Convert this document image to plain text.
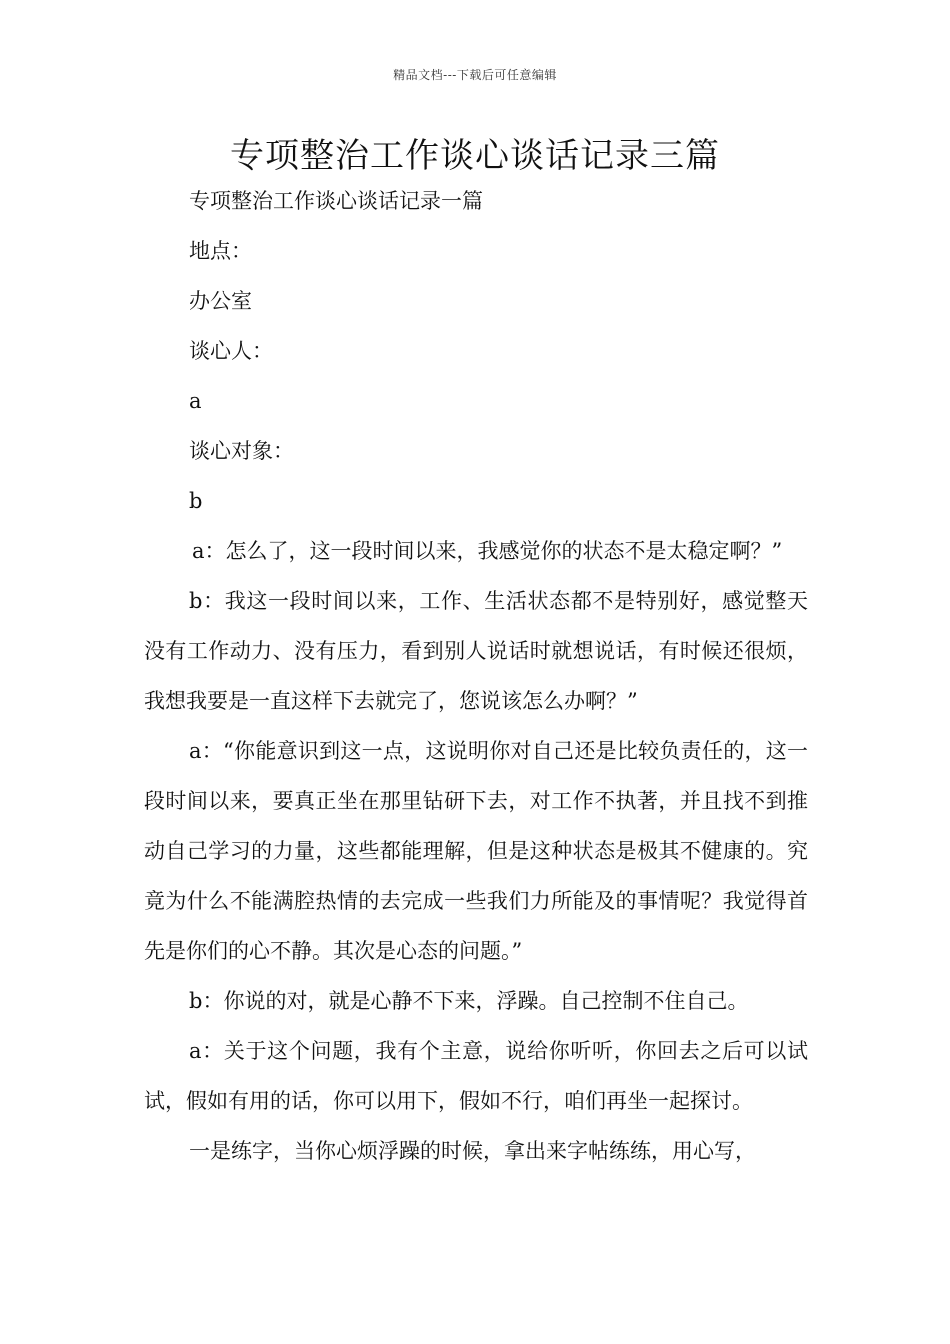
精品文档---下载后可任意编辑
专项整治工作谈心谈话记录三篇

专项整治工作谈心谈话记录一篇

地点：

办公室

谈心人：

a

谈心对象：

b

a：怎么了，这一段时间以来，我感觉你的状态不是太稳定啊？”

b：我这一段时间以来，工作、生活状态都不是特别好，感觉整天没有工作动力、没有压力，看到别人说话时就想说话，有时候还很烦，我想我要是一直这样下去就完了，您说该怎么办啊？”

a：“你能意识到这一点，这说明你对自己还是比较负责任的，这一段时间以来，要真正坐在那里钻研下去，对工作不执著，并且找不到推动自己学习的力量，这些都能理解，但是这种状态是极其不健康的。究竟为什么不能满腔热情的去完成一些我们力所能及的事情呢？我觉得首先是你们的心不静。其次是心态的问题。”

b：你说的对，就是心静不下来，浮躁。自己控制不住自己。

a：关于这个问题，我有个主意，说给你听听，你回去之后可以试试，假如有用的话，你可以用下，假如不行，咱们再坐一起探讨。

一是练字，当你心烦浮躁的时候，拿出来字帖练练，用心写，
